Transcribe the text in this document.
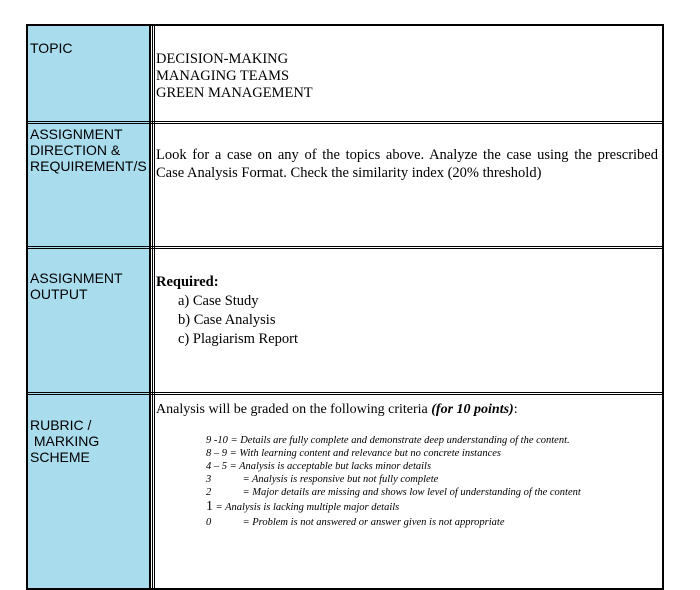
TOPIC
DECISION-MAKING
MANAGING TEAMS
GREEN MANAGEMENT
ASSIGNMENT
DIRECTION &
REQUIREMENT/S
Look for a case on any of the topics above. Analyze the case using the prescribed Case Analysis Format. Check the similarity index (20% threshold)
ASSIGNMENT
OUTPUT
Required:
a) Case Study
b) Case Analysis
c) Plagiarism Report
RUBRIC /
MARKING
SCHEME
Analysis will be graded on the following criteria (for 10 points):
9 -10 = Details are fully complete and demonstrate deep understanding of the content.
8 – 9 = With learning content and relevance but no concrete instances
4 – 5 = Analysis is acceptable but lacks minor details
3    = Analysis is responsive but not fully complete
2    = Major details are missing and shows low level of understanding of the content
1 = Analysis is lacking multiple major details
0    = Problem is not answered or answer given is not appropriate
